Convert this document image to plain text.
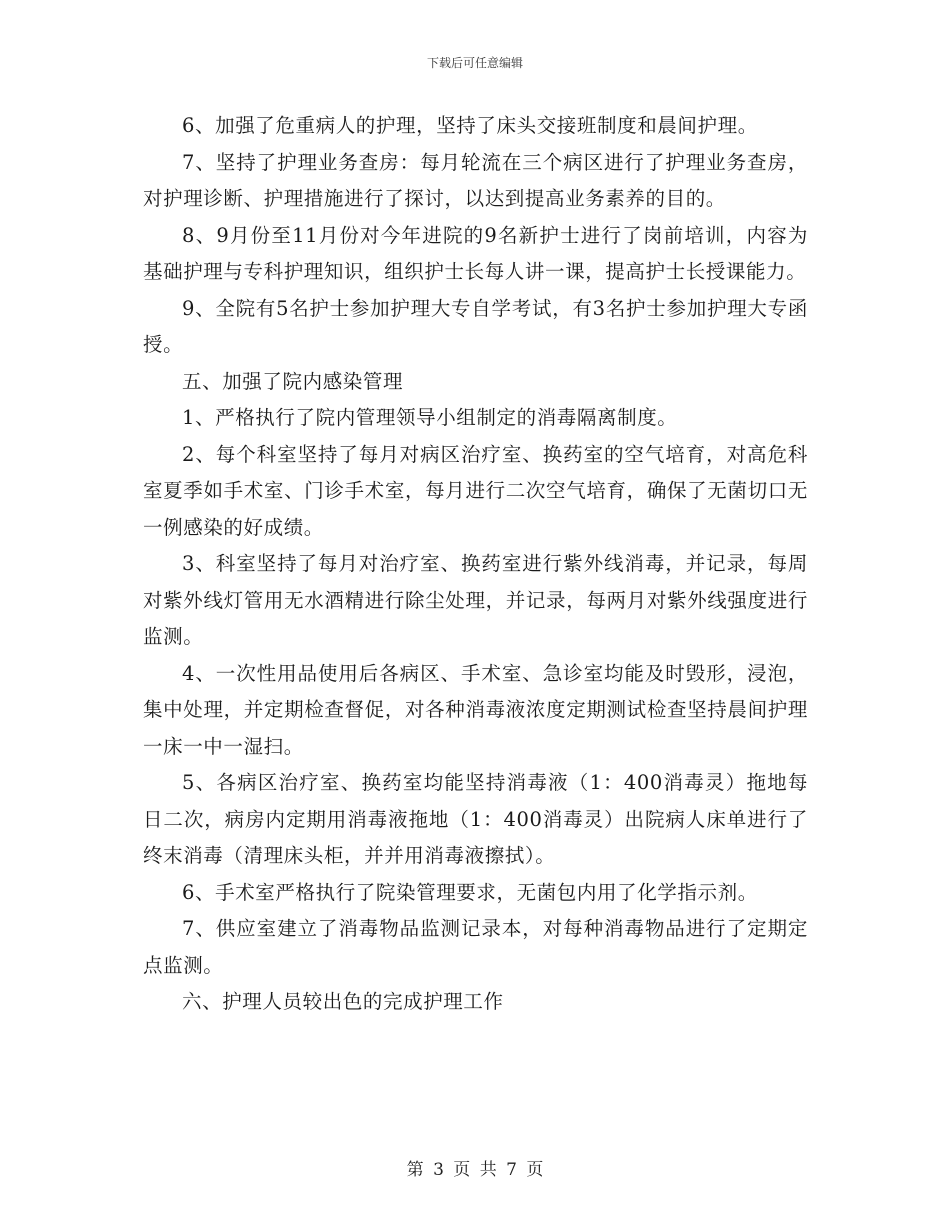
下载后可任意编辑

6、加强了危重病人的护理，坚持了床头交接班制度和晨间护理。

7、坚持了护理业务查房：每月轮流在三个病区进行了护理业务查房，对护理诊断、护理措施进行了探讨，以达到提高业务素养的目的。

8、9月份至11月份对今年进院的9名新护士进行了岗前培训，内容为基础护理与专科护理知识，组织护士长每人讲一课，提高护士长授课能力。

9、全院有5名护士参加护理大专自学考试，有3名护士参加护理大专函授。

五、加强了院内感染管理

1、严格执行了院内管理领导小组制定的消毒隔离制度。

2、每个科室坚持了每月对病区治疗室、换药室的空气培育，对高危科室夏季如手术室、门诊手术室，每月进行二次空气培育，确保了无菌切口无一例感染的好成绩。

3、科室坚持了每月对治疗室、换药室进行紫外线消毒，并记录，每周对紫外线灯管用无水酒精进行除尘处理，并记录，每两月对紫外线强度进行监测。

4、一次性用品使用后各病区、手术室、急诊室均能及时毁形，浸泡，集中处理，并定期检查督促，对各种消毒液浓度定期测试检查坚持晨间护理一床一中一湿扫。

5、各病区治疗室、换药室均能坚持消毒液（1：400消毒灵）拖地每日二次，病房内定期用消毒液拖地（1：400消毒灵）出院病人床单进行了终末消毒（清理床头柜，并并用消毒液擦拭）。

6、手术室严格执行了院染管理要求，无菌包内用了化学指示剂。

7、供应室建立了消毒物品监测记录本，对每种消毒物品进行了定期定点监测。

六、护理人员较出色的完成护理工作

第 3 页 共 7 页
